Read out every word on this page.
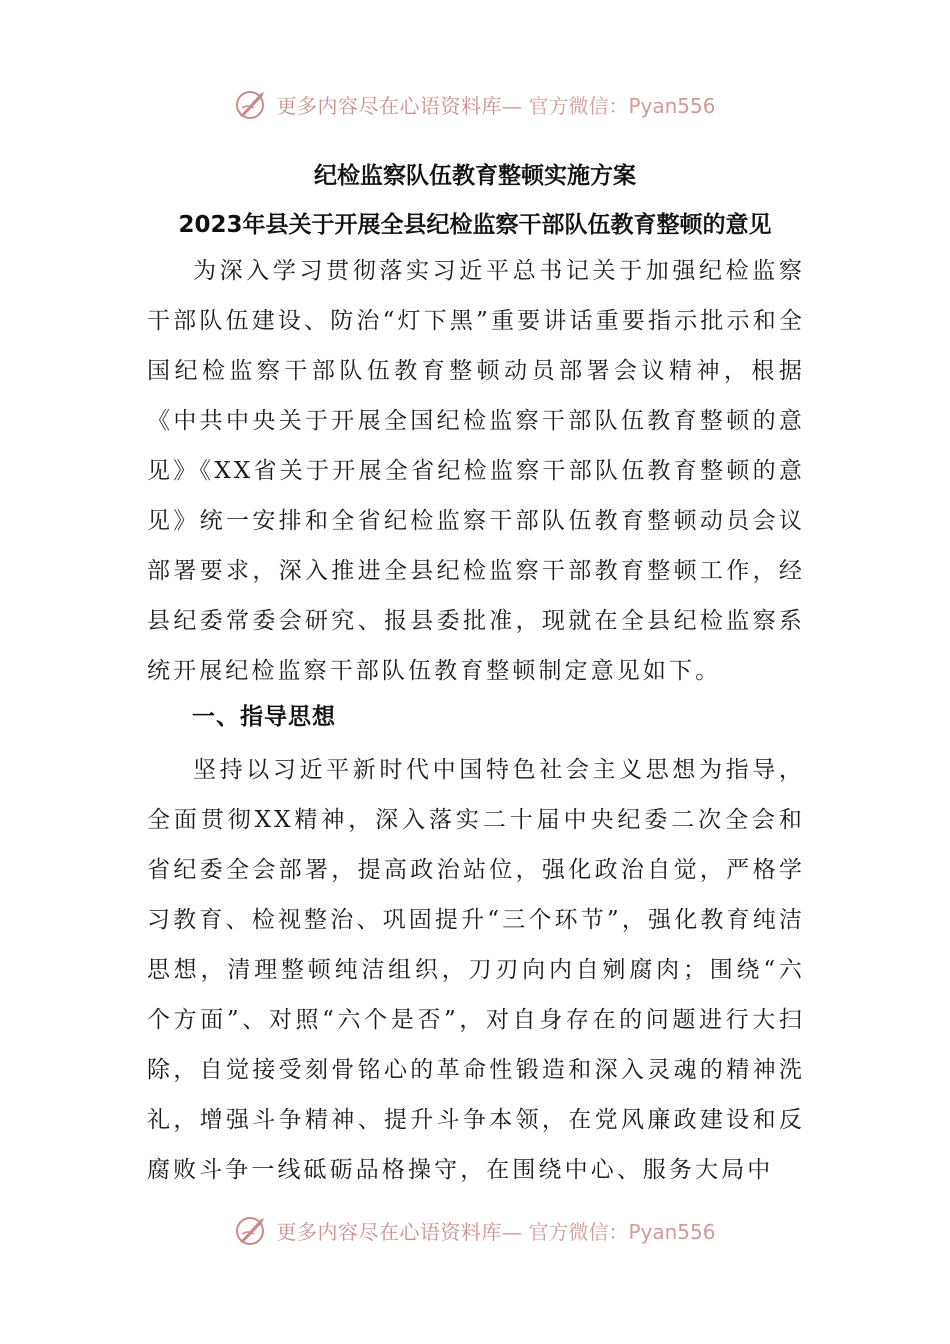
更多内容尽在心语资料库— 官方微信：Pyan556
纪检监察队伍教育整顿实施方案
2023年县关于开展全县纪检监察干部队伍教育整顿的意见
为深入学习贯彻落实习近平总书记关于加强纪检监察干部队伍建设、防治“灯下黑”重要讲话重要指示批示和全国纪检监察干部队伍教育整顿动员部署会议精神，根据《中共中央关于开展全国纪检监察干部队伍教育整顿的意见》《XX省关于开展全省纪检监察干部队伍教育整顿的意见》统一安排和全省纪检监察干部队伍教育整顿动员会议部署要求，深入推进全县纪检监察干部教育整顿工作，经县纪委常委会研究、报县委批准，现就在全县纪检监察系统开展纪检监察干部队伍教育整顿制定意见如下。
一、指导思想
坚持以习近平新时代中国特色社会主义思想为指导，全面贯彻XX精神，深入落实二十届中央纪委二次全会和省纪委全会部署，提高政治站位，强化政治自觉，严格学习教育、检视整治、巩固提升“三个环节”，强化教育纯洁思想，清理整顿纯洁组织，刀刃向内自剜腐肉；围绕“六个方面”、对照“六个是否”，对自身存在的问题进行大扫除，自觉接受刻骨铭心的革命性锻造和深入灵魂的精神洗礼，增强斗争精神、提升斗争本领，在党风廉政建设和反腐败斗争一线砥砺品格操守，在围绕中心、服务大局中
更多内容尽在心语资料库— 官方微信：Pyan556
